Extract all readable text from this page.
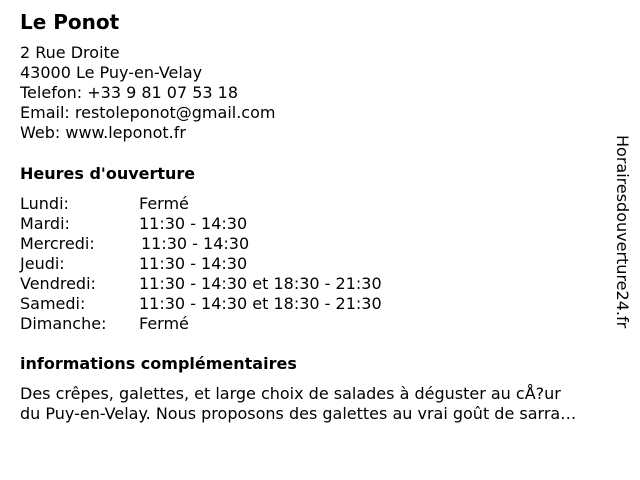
Le Ponot
2 Rue Droite
43000 Le Puy-en-Velay
Telefon: +33 9 81 07 53 18
Email: restoleponot@gmail.com
Web: www.leponot.fr
Heures d'ouverture
Lundi:	Fermé
Mardi:	11:30 - 14:30
Mercredi:	11:30 - 14:30
Jeudi:	11:30 - 14:30
Vendredi:	11:30 - 14:30 et 18:30 - 21:30
Samedi:	11:30 - 14:30 et 18:30 - 21:30
Dimanche: Fermé
informations complémentaires
Des crêpes, galettes, et large choix de salades à déguster au cÅ?ur
du Puy-en-Velay. Nous proposons des galettes au vrai goût de sarra…
Horairesdouverture24.fr
